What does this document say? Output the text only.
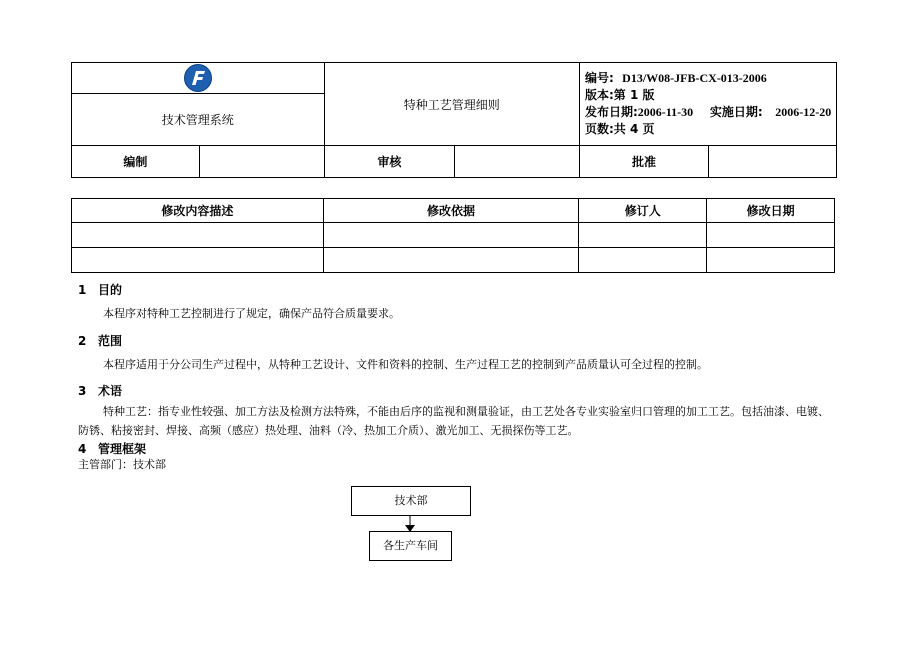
	特种工艺管理细则		编号: D13/W08-JFB-CX-013-2006
版本:第 1 版
发布日期:2006-11-30 实施日期: 2006-12-20
页数:共 4 页	

技术管理系统					
编制		审核		批准	
修改内容描述	修改依据	修订人	修改日期

1 目的
本程序对特种工艺控制进行了规定，确保产品符合质量要求。
2 范围
本程序适用于分公司生产过程中，从特种工艺设计、文件和资料的控制、生产过程工艺的控制到产品质量认可全过程的控制。
3 术语
特种工艺：指专业性较强、加工方法及检测方法特殊，不能由后序的监视和测量验证，由工艺处各专业实验室归口管理的加工工艺。包括油漆、电镀、
防锈、粘接密封、焊接、高频（感应）热处理、油料（冷、热加工介质）、激光加工、无损探伤等工艺。
4 管理框架
主管部门：技术部
技术部
各生产车间
